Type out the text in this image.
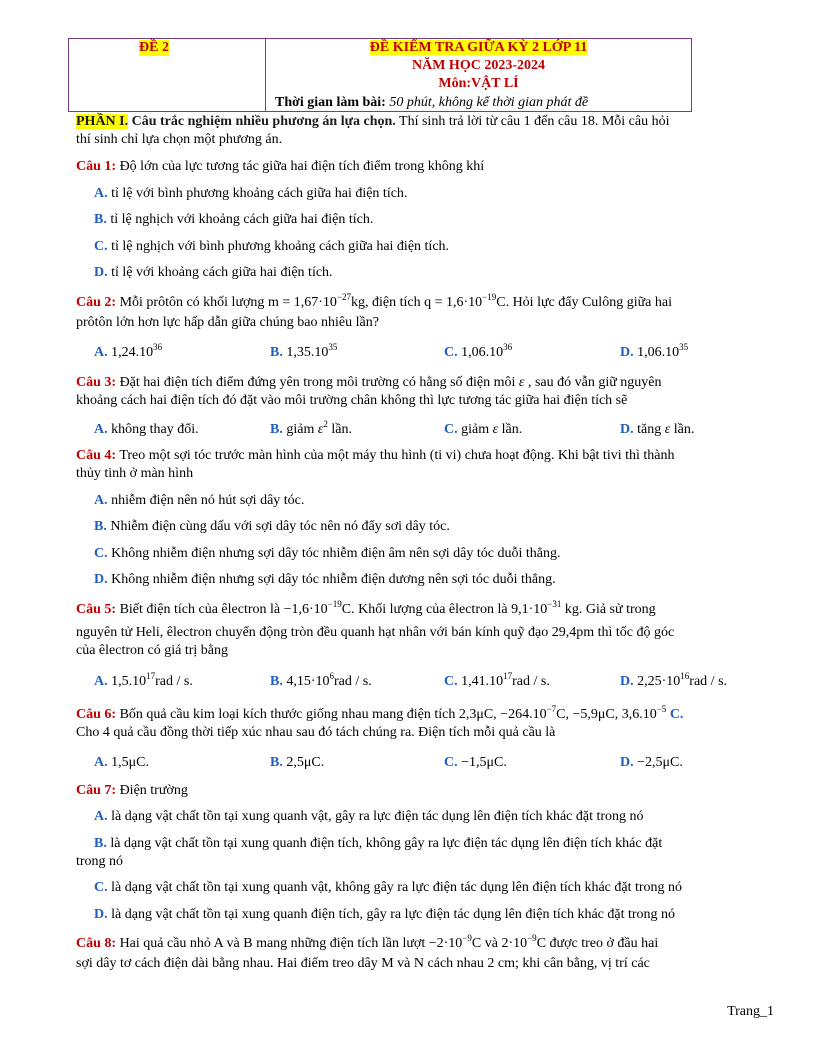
ĐỀ 2	ĐỀ KIỂM TRA GIỮA KỲ 2 LỚP 11
NĂM HỌC 2023-2024
Môn:VẬT LÍ
Thời gian làm bài: 50 phút, không kể thời gian phát đề
PHẦN I. Câu trắc nghiệm nhiều phương án lựa chọn. Thí sinh trả lời từ câu 1 đến câu 18. Mỗi câu hỏi
thí sinh chỉ lựa chọn một phương án.
Câu 1: Độ lớn của lực tương tác giữa hai điện tích điểm trong không khí
A. tỉ lệ với bình phương khoảng cách giữa hai điện tích.
B. tỉ lệ nghịch với khoảng cách giữa hai điện tích.
C. tỉ lệ nghịch với bình phương khoảng cách giữa hai điện tích.
D. tỉ lệ với khoảng cách giữa hai điện tích.
Câu 2: Mỗi prôtôn có khối lượng $m = 1,67\cdot 10^{-27}kg$, điện tích $q = 1,6\cdot 10^{-19}C$. Hỏi lực đẩy Culông giữa hai
prôtôn lớn hơn lực hấp dẫn giữa chúng bao nhiêu lần?
A. 1,24.10$^{36}$	B. 1,35.10$^{35}$	C. 1,06.10$^{36}$	D. 1,06.10$^{35}$
Câu 3: Đặt hai điện tích điểm đứng yên trong môi trường có hằng số điện môi ε , sau đó vẫn giữ nguyên
khoảng cách hai điện tích đó đặt vào môi trường chân không thì lực tương tác giữa hai điện tích sẽ
A. không thay đổi.	B. giảm $\varepsilon^2$ lần.	C. giảm ε lần.	D. tăng ε lần.
Câu 4: Treo một sợi tóc trước màn hình của một máy thu hình (ti vi) chưa hoạt động. Khi bật tivi thì thành
thủy tinh ở màn hình
A. nhiễm điện nên nó hút sợi dây tóc.
B. Nhiễm điện cùng dấu với sợi dây tóc nên nó đẩy sơi dây tóc.
C. Không nhiễm điện nhưng sợi dây tóc nhiễm điện âm nên sợi dây tóc duỗi thẳng.
D. Không nhiễm điện nhưng sợi dây tóc nhiễm điện dương nên sợi tóc duỗi thẳng.
Câu 5: Biết điện tích của êlectron là $-1,6\cdot 10^{-19}C$. Khối lượng của êlectron là $9,1\cdot 10^{-31}$ kg. Giả sử trong
nguyên tử Heli, êlectron chuyển động tròn đều quanh hạt nhân với bán kính quỹ đạo 29,4pm thì tốc độ góc
của êlectron có giá trị bằng
A. 1,5.10$^{17}$rad / s.	B. $4,15\cdot 10^6rad / s$.	C. 1,41.10$^{17}$rad / s.	D. $2,25\cdot 10^{16}rad / s$.
Câu 6: Bốn quả cầu kim loại kích thước giống nhau mang điện tích 2,3μC, $-264.10^{-7}C$, −5,9μC, $3,6.10^{-5}$ C.
Cho 4 quả cầu đồng thời tiếp xúc nhau sau đó tách chúng ra. Điện tích mỗi quả cầu là
A. 1,5μC.	B. 2,5μC.	C. −1,5μC.	D. −2,5μC.
Câu 7: Điện trường
A. là dạng vật chất tồn tại xung quanh vật, gây ra lực điện tác dụng lên điện tích khác đặt trong nó
B. là dạng vật chất tồn tại xung quanh điện tích, không gây ra lực điện tác dụng lên điện tích khác đặt
trong nó
C. là dạng vật chất tồn tại xung quanh vật, không gây ra lực điện tác dụng lên điện tích khác đặt trong nó
D. là dạng vật chất tồn tại xung quanh điện tích, gây ra lực điện tác dụng lên điện tích khác đặt trong nó
Câu 8: Hai quả cầu nhỏ A và B mang những điện tích lần lượt $-2\cdot 10^{-9}C$ và $2\cdot 10^{-9}C$ được treo ở đầu hai
sợi dây tơ cách điện dài bằng nhau. Hai điểm treo dây M và N cách nhau 2 cm; khi cân bằng, vị trí các
Trang_1
